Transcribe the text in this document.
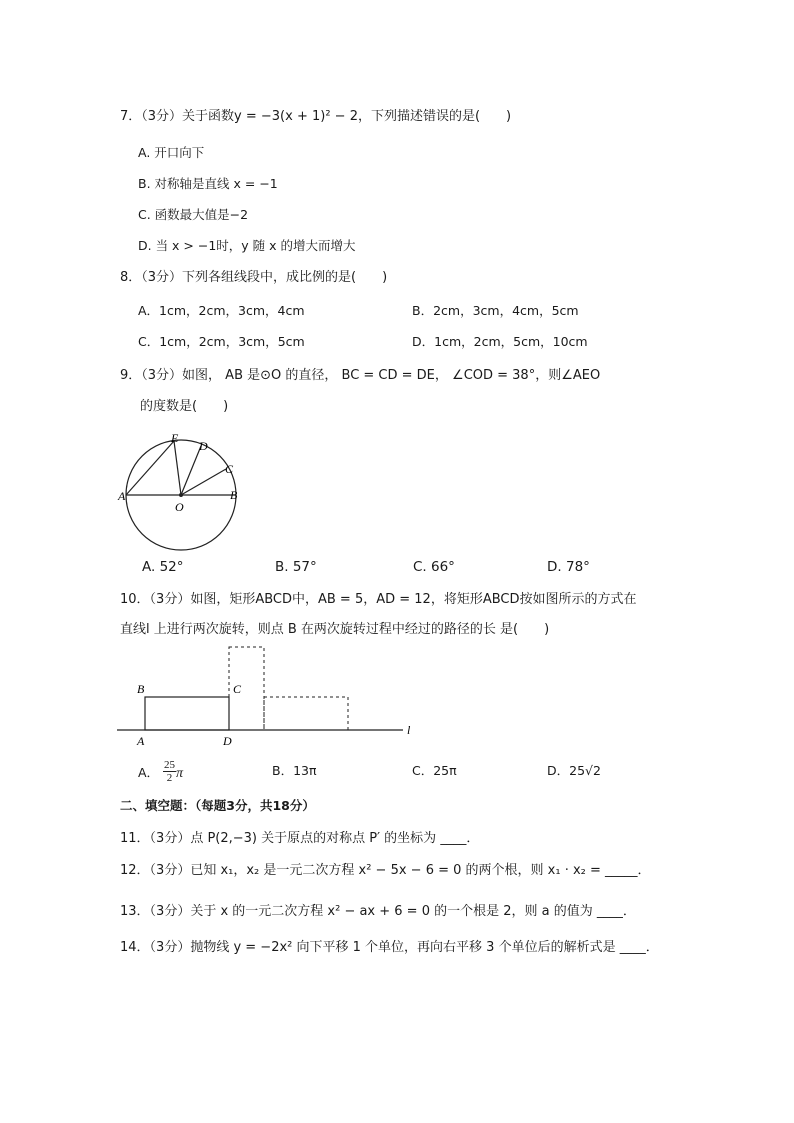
7．（3分）关于函数y = −3(x + 1)² − 2，下列描述错误的是(　　)
A. 开口向下
B. 对称轴是直线 x = −1
C. 函数最大值是−2
D. 当 x > −1时，y 随 x 的增大而增大
8．（3分）下列各组线段中，成比例的是(　　)
A．1cm，2cm，3cm，4cm	B．2cm，3cm，4cm，5cm
C．1cm，2cm，3cm，5cm	D．1cm，2cm，5cm，10cm
9．（3分）如图， AB 是⊙O 的直径， BC = CD = DE， ∠COD = 38°，则∠AEO
的度数是(　　)
A	B
C
D
E
O
A. 52°	B. 57°	C. 66°	D. 78°
10．（3分）如图，矩形ABCD中，AB = 5，AD = 12，将矩形ABCD按如图所示的方式在
直线l 上进行两次旋转，则点 B 在两次旋转过程中经过的路径的长 是(　　)
B	C
A	D
l
A． $\frac{25}{2}$ π	B．13π	C．25π	D．25√2
二、填空题：（每题3分，共18分）
11．（3分）点 P(2,−3) 关于原点的对称点 P′ 的坐标为 ____．
12．（3分）已知 x₁，x₂ 是一元二次方程 x² − 5x − 6 = 0 的两个根，则 x₁ · x₂ = _____．
13．（3分）关于 x 的一元二次方程 x² − ax + 6 = 0 的一个根是 2，则 a 的值为 ____．
14．（3分）抛物线 y = −2x² 向下平移 1 个单位，再向右平移 3 个单位后的解析式是 ____．
